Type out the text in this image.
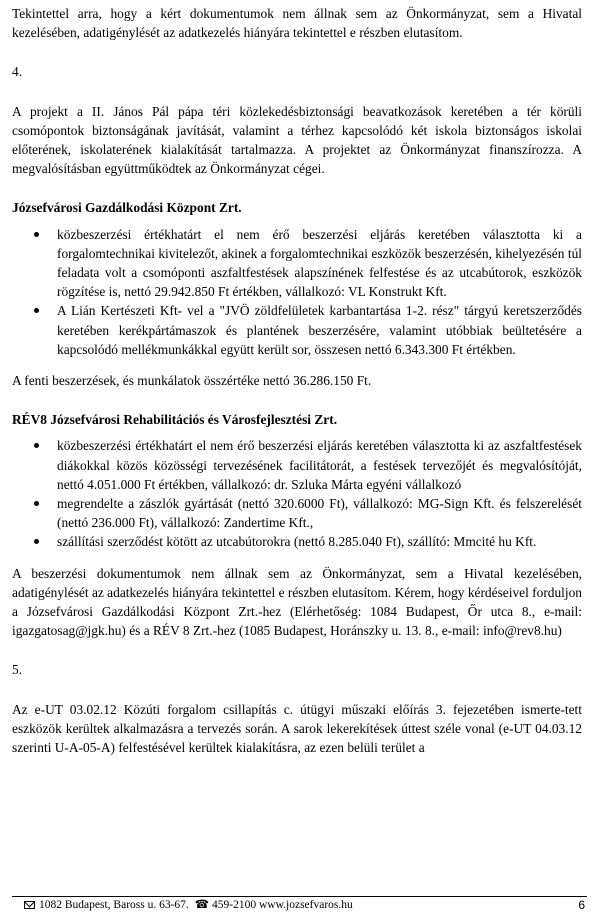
Tekintettel arra, hogy a kért dokumentumok nem állnak sem az Önkormányzat, sem a Hivatal kezelésében, adatigénylését az adatkezelés hiányára tekintettel e részben elutasítom.

4.

A projekt a II. János Pál pápa téri közlekedésbiztonsági beavatkozások keretében a tér körüli csomópontok biztonságának javítását, valamint a térhez kapcsolódó két iskola biztonságos iskolai előterének, iskolaterének kialakítását tartalmazza. A projektet az Önkormányzat finanszírozza. A megvalósításban együttműködtek az Önkormányzat cégei.

Józsefvárosi Gazdálkodási Központ Zrt.

közbeszerzési értékhatárt el nem érő beszerzési eljárás keretében választotta ki a forgalomtechnikai kivitelezőt, akinek a forgalomtechnikai eszközök beszerzésén, kihelyezésén túl feladata volt a csomóponti aszfaltfestések alapszínének felfestése és az utcabútorok, eszközök rögzítése is, nettó 29.942.850 Ft értékben, vállalkozó: VL Konstrukt Kft.
A Lián Kertészeti Kft- vel a "JVÖ zöldfelületek karbantartása 1-2. rész" tárgyú keretszerződés keretében kerékpártámaszok és plantének beszerzésére, valamint utóbbiak beültetésére a kapcsolódó mellékmunkákkal együtt került sor, összesen nettó 6.343.300 Ft értékben.

A fenti beszerzések, és munkálatok összértéke nettó 36.286.150 Ft.

RÉV8 Józsefvárosi Rehabilitációs és Városfejlesztési Zrt.

közbeszerzési értékhatárt el nem érő beszerzési eljárás keretében választotta ki az aszfaltfestések diákokkal közös közösségi tervezésének facilitátorát, a festések tervezőjét és megvalósítóját, nettó 4.051.000 Ft értékben, vállalkozó: dr. Szluka Márta egyéni vállalkozó
megrendelte a zászlók gyártását (nettó 320.6000 Ft), vállalkozó: MG-Sign Kft. és felszerelését (nettó 236.000 Ft), vállalkozó: Zandertime Kft.,
szállítási szerződést kötött az utcabútorokra (nettó 8.285.040 Ft), szállító: Mmcité hu Kft.

A beszerzési dokumentumok nem állnak sem az Önkormányzat, sem a Hivatal kezelésében, adatigénylését az adatkezelés hiányára tekintettel e részben elutasítom. Kérem, hogy kérdéseivel forduljon a Józsefvárosi Gazdálkodási Központ Zrt.-hez (Elérhetőség: 1084 Budapest, Őr utca 8., e-mail: igazgatosag@jgk.hu) és a RÉV 8 Zrt.-hez (1085 Budapest, Horánszky u. 13. 8., e-mail: info@rev8.hu)

5.

Az e-UT 03.02.12 Közúti forgalom csillapítás c. útügyi műszaki előírás 3. fejezetében ismerte-tett eszközök kerültek alkalmazásra a tervezés során. A sarok lekerekítések úttest széle vonal (e-UT 04.03.12 szerinti U-A-05-A) felfestésével kerültek kialakításra, az ezen belüli terület a

1082 Budapest, Baross u. 63-67. ☎ 459-2100 www.jozsefvaros.hu	6
